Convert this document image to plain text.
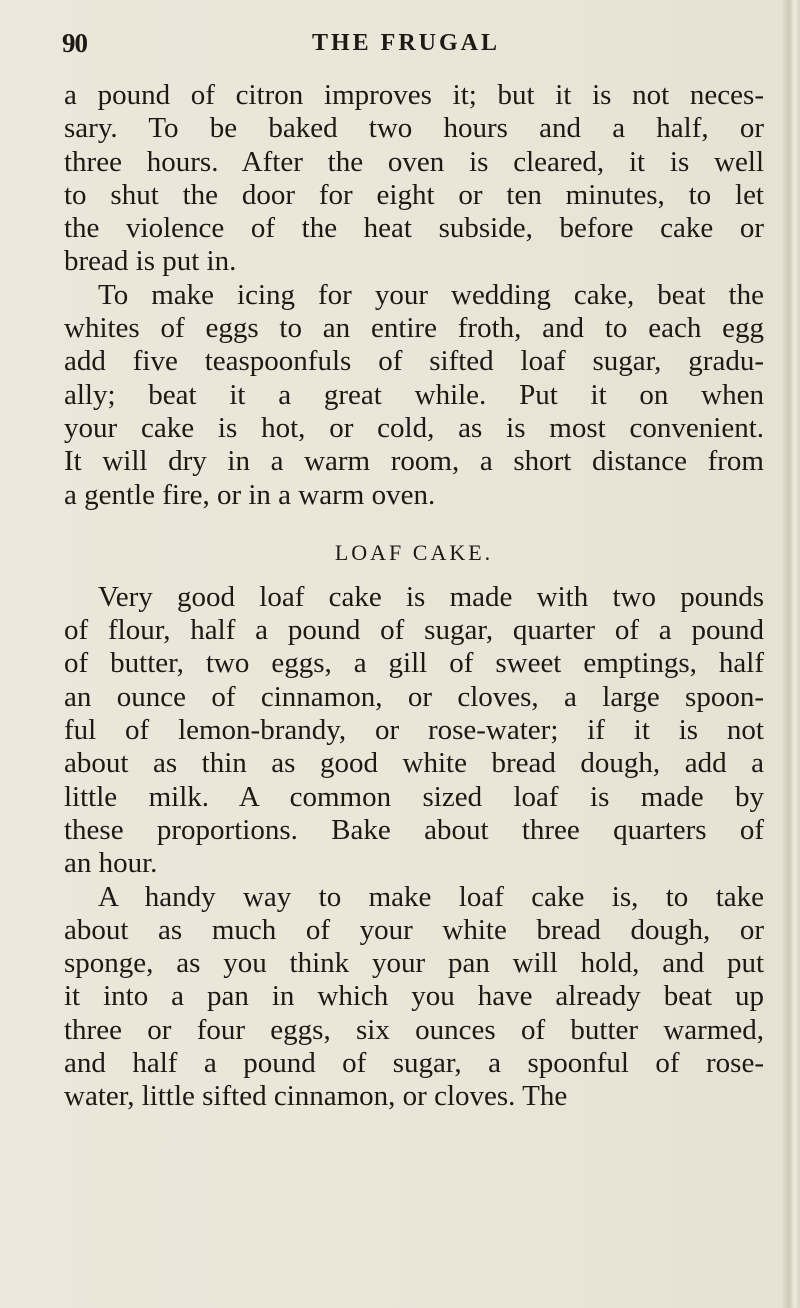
90	THE FRUGAL
a pound of citron improves it; but it is not neces-
sary. To be baked two hours and a half, or
three hours. After the oven is cleared, it is well
to shut the door for eight or ten minutes, to let
the violence of the heat subside, before cake or
bread is put in.
To make icing for your wedding cake, beat the
whites of eggs to an entire froth, and to each egg
add five teaspoonfuls of sifted loaf sugar, gradu-
ally; beat it a great while. Put it on when
your cake is hot, or cold, as is most convenient.
It will dry in a warm room, a short distance from
a gentle fire, or in a warm oven.
LOAF CAKE.
Very good loaf cake is made with two pounds
of flour, half a pound of sugar, quarter of a pound
of butter, two eggs, a gill of sweet emptings, half
an ounce of cinnamon, or cloves, a large spoon-
ful of lemon-brandy, or rose-water; if it is not
about as thin as good white bread dough, add a
little milk. A common sized loaf is made by
these proportions. Bake about three quarters of
an hour.
A handy way to make loaf cake is, to take
about as much of your white bread dough, or
sponge, as you think your pan will hold, and put
it into a pan in which you have already beat up
three or four eggs, six ounces of butter warmed,
and half a pound of sugar, a spoonful of rose-
water, little sifted cinnamon, or cloves. The
